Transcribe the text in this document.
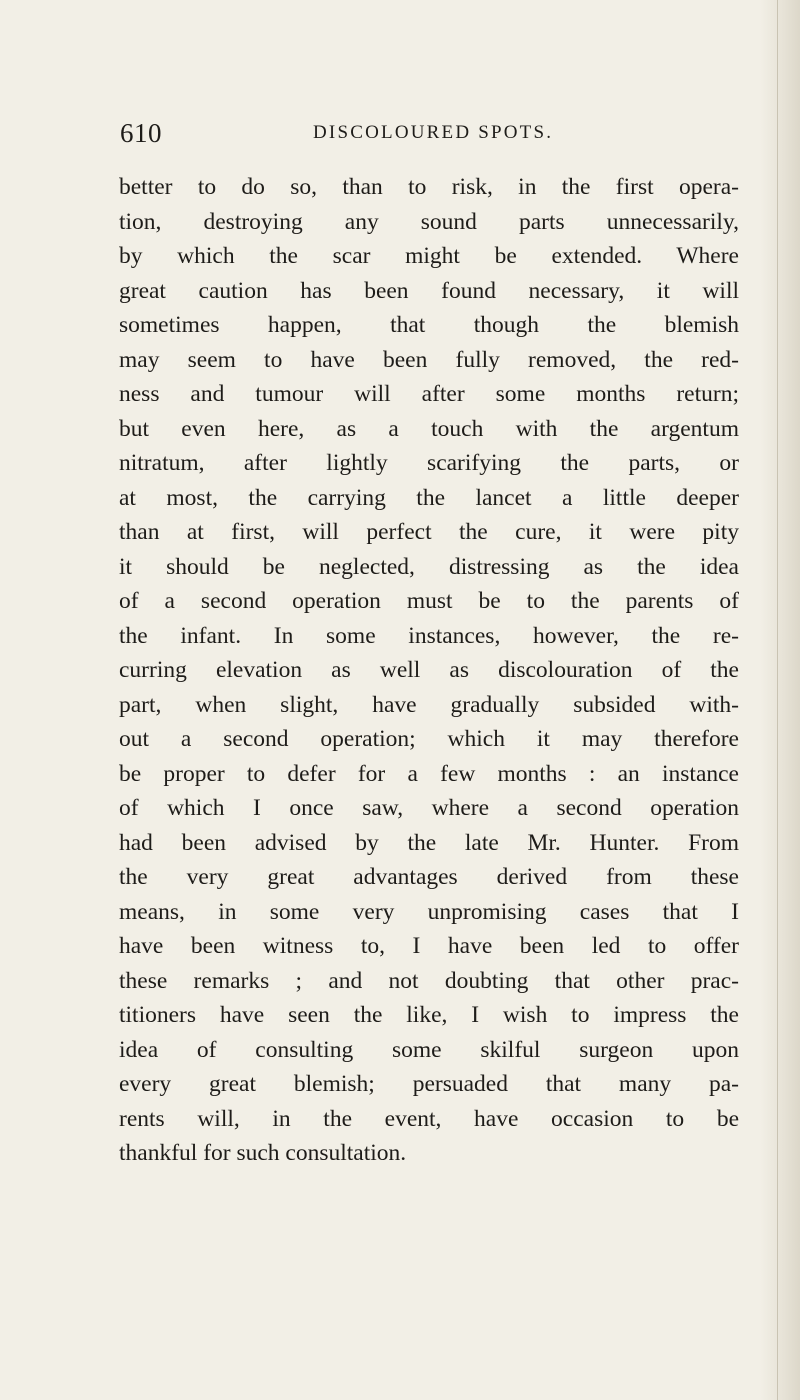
610	DISCOLOURED SPOTS.
better to do so, than to risk, in the first opera-
tion, destroying any sound parts unnecessarily,
by which the scar might be extended. Where
great caution has been found necessary, it will
sometimes happen, that though the blemish
may seem to have been fully removed, the red-
ness and tumour will after some months return;
but even here, as a touch with the argentum
nitratum, after lightly scarifying the parts, or
at most, the carrying the lancet a little deeper
than at first, will perfect the cure, it were pity
it should be neglected, distressing as the idea
of a second operation must be to the parents of
the infant. In some instances, however, the re-
curring elevation as well as discolouration of the
part, when slight, have gradually subsided with-
out a second operation; which it may therefore
be proper to defer for a few months : an instance
of which I once saw, where a second operation
had been advised by the late Mr. Hunter. From
the very great advantages derived from these
means, in some very unpromising cases that I
have been witness to, I have been led to offer
these remarks ; and not doubting that other prac-
titioners have seen the like, I wish to impress the
idea of consulting some skilful surgeon upon
every great blemish; persuaded that many pa-
rents will, in the event, have occasion to be
thankful for such consultation.
